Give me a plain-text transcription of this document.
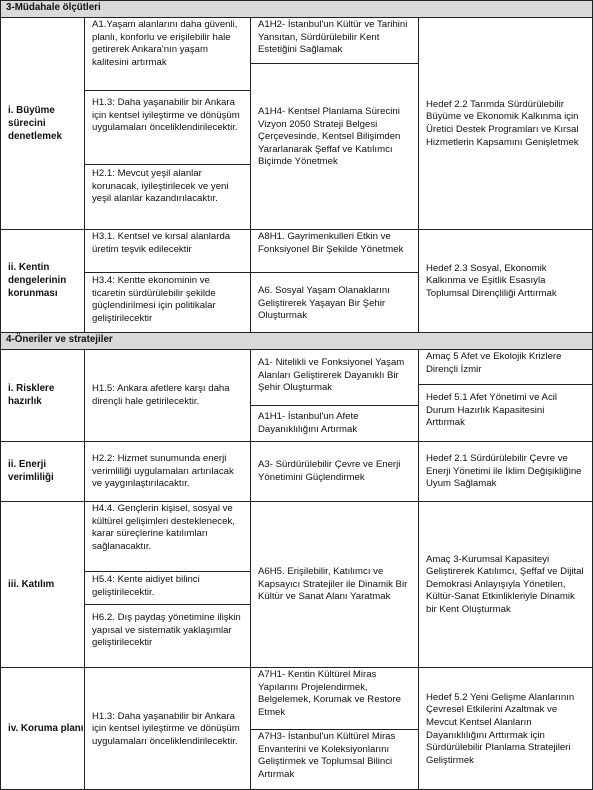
3-Müdahale ölçütleri
i. Büyüme sürecini denetlemek
A1.Yaşam alanlarını daha güvenli, planlı, konforlu ve erişilebilir hale getirerek Ankara'nın yaşam kalitesini artırmak
H1.3: Daha yaşanabilir bir Ankara için kentsel iyileştirme ve dönüşüm uygulamaları önceliklendirilecektir.
H2.1: Mevcut yeşil alanlar korunacak, iyileştirilecek ve yeni yeşil alanlar kazandırılacaktır.
A1H2- İstanbul'un Kültür ve Tarihini Yansıtan, Sürdürülebilir Kent Estetiğini Sağlamak
A1H4- Kentsel Planlama Sürecini Vizyon 2050 Strateji Belgesi Çerçevesinde, Kentsel Bilişimden Yararlanarak Şeffaf ve Katılımcı Biçimde Yönetmek
Hedef 2.2 Tarımda Sürdürülebilir Büyüme ve Ekonomik Kalkınma için Üretici Destek Programları ve Kırsal Hizmetlerin Kapsamını Genişletmek
ii. Kentin dengelerinin korunması
H3.1. Kentsel ve kırsal alanlarda üretim teşvik edilecektir
H3.4: Kentte ekonominin ve ticaretin sürdürülebilir şekilde güçlendirilmesi için politikalar geliştirilecektir
A8H1. Gayrimenkulleri Etkin ve Fonksiyonel Bir Şekilde Yönetmek
A6. Sosyal Yaşam Olanaklarını Geliştirerek Yaşayan Bir Şehir Oluşturmak
Hedef 2.3 Sosyal, Ekonomik Kalkınma ve Eşitlik Esasıyla Toplumsal Dirençliliği Arttırmak
4-Öneriler ve stratejiler
i. Risklere hazırlık
H1.5: Ankara afetlere karşı daha dirençli hale getirilecektir.
A1- Nitelikli ve Fonksiyonel Yaşam Alanları Geliştirerek Dayanıklı Bir Şehir Oluşturmak
A1H1- İstanbul'un Afete Dayanıklılığını Artırmak
Amaç 5 Afet ve Ekolojik Krizlere Dirençli İzmir
Hedef 5.1 Afet Yönetimi ve Acil Durum Hazırlık Kapasitesini Arttırmak
ii. Enerji verimliliği
H2.2: Hizmet sunumunda enerji verimliliği uygulamaları artırılacak ve yaygınlaştırılacaktır.
A3- Sürdürülebilir Çevre ve Enerji Yönetimini Güçlendirmek
Hedef 2.1 Sürdürülebilir Çevre ve Enerji Yönetimi ile İklim Değişikliğine Uyum Sağlamak
iii. Katılım
H4.4. Gençlerin kişisel, sosyal ve kültürel gelişimleri desteklenecek, karar süreçlerine katılımları sağlanacaktır.
H5.4: Kente aidiyet bilinci geliştirilecektir.
H6.2. Dış paydaş yönetimine ilişkin yapısal ve sistematik yaklaşımlar geliştirilecektir
A6H5. Erişilebilir, Katılımcı ve Kapsayıcı Stratejiler ile Dinamik Bir Kültür ve Sanat Alanı Yaratmak
Amaç 3-Kurumsal Kapasiteyi Geliştirerek Katılımcı, Şeffaf ve Dijital Demokrasi Anlayışıyla Yönetilen, Kültür-Sanat Etkinlikleriyle Dinamik bir Kent Oluşturmak
iv. Koruma planı
H1.3: Daha yaşanabilir bir Ankara için kentsel iyileştirme ve dönüşüm uygulamaları önceliklendirilecektir.
A7H1- Kentin Kültürel Miras Yapılarını Projelendirmek, Belgelemek, Korumak ve Restore Etmek
A7H3- İstanbul'un Kültürel Miras Envanterini ve Koleksiyonlarını Geliştirmek ve Toplumsal Bilinci Artırmak
Hedef 5.2 Yeni Gelişme Alanlarının Çevresel Etkilerini Azaltmak ve Mevcut Kentsel Alanların Dayanıklılığını Arttırmak için Sürdürülebilir Planlama Stratejileri Geliştirmek
